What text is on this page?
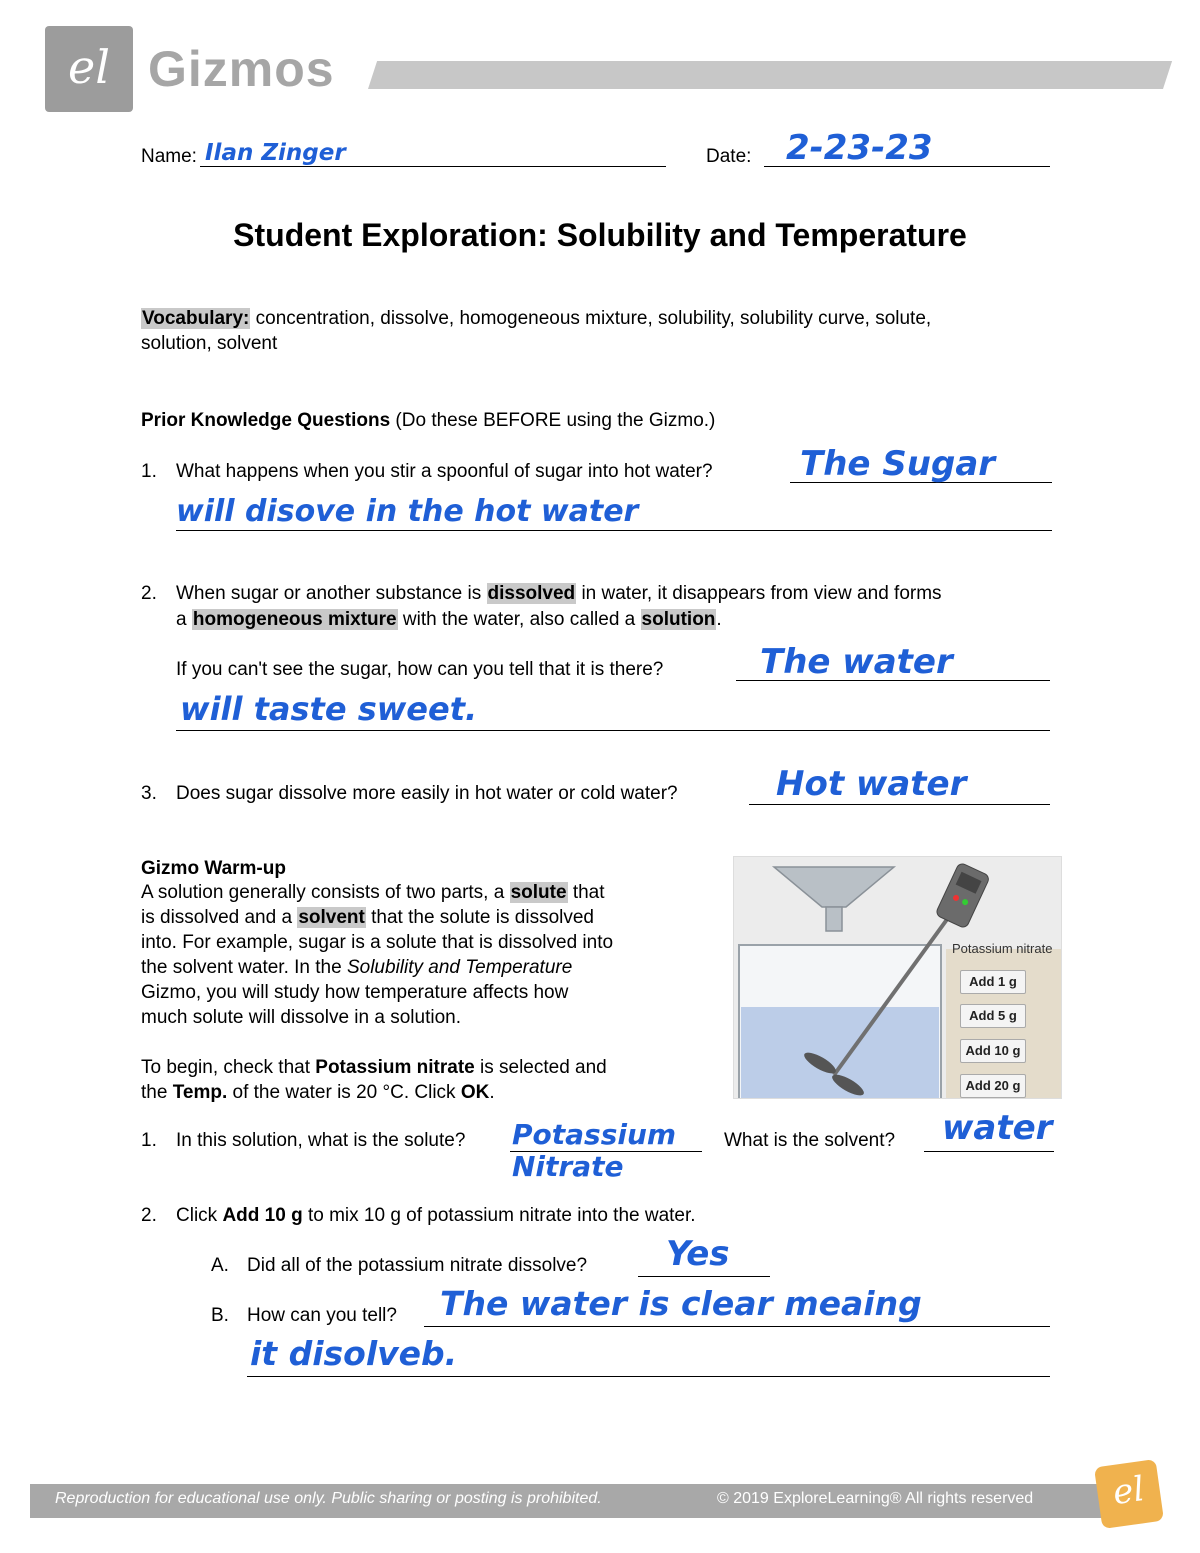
el Gizmos
Name: Ilan Zinger	Date: 2-23-23
Student Exploration: Solubility and Temperature
Vocabulary: concentration, dissolve, homogeneous mixture, solubility, solubility curve, solute,
solution, solvent
Prior Knowledge Questions (Do these BEFORE using the Gizmo.)
1. What happens when you stir a spoonful of sugar into hot water?	The Sugar
will disove in the hot water
2. When sugar or another substance is dissolved in water, it disappears from view and forms
a homogeneous mixture with the water, also called a solution.
If you can't see the sugar, how can you tell that it is there?	The water
will taste sweet.
3. Does sugar dissolve more easily in hot water or cold water?	Hot water
Gizmo Warm-up
A solution generally consists of two parts, a solute that
is dissolved and a solvent that the solute is dissolved
into. For example, sugar is a solute that is dissolved into
the solvent water. In the Solubility and Temperature
Gizmo, you will study how temperature affects how
much solute will dissolve in a solution.
To begin, check that Potassium nitrate is selected and
the Temp. of the water is 20 °C. Click OK.
Potassium nitrate
Add 1 g
Add 5 g
Add 10 g
Add 20 g
1. In this solution, what is the solute? Potassium
Nitrate
What is the solvent? water
2. Click Add 10 g to mix 10 g of potassium nitrate into the water.
A. Did all of the potassium nitrate dissolve? Yes
B. How can you tell? The water is clear meaing
it disolveb.
Reproduction for educational use only. Public sharing or posting is prohibited.	© 2019 ExploreLearning® All rights reserved	el
